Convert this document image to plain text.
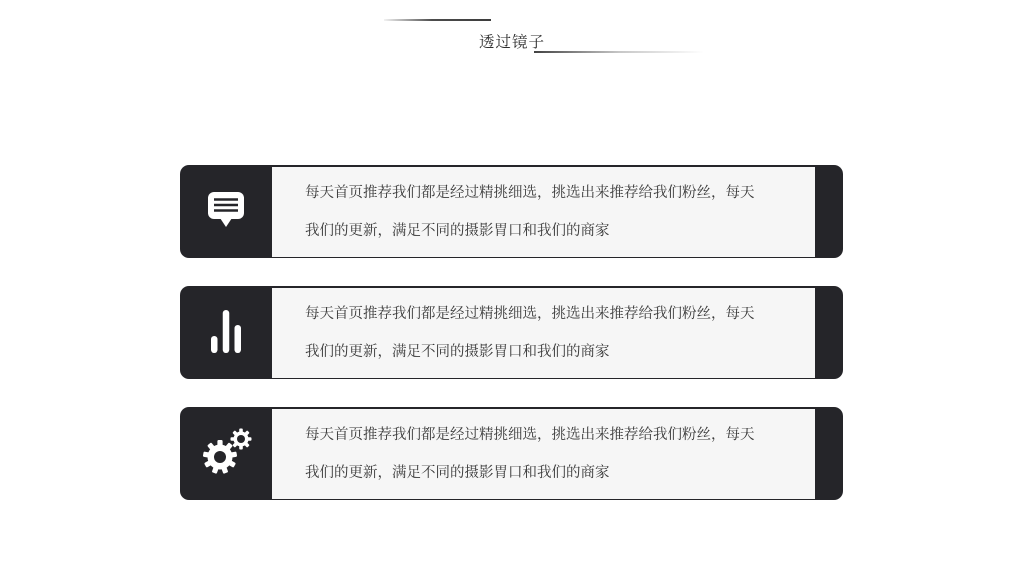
透过镜子
每天首页推荐我们都是经过精挑细选，挑选出来推荐给我们粉丝，每天
我们的更新，满足不同的摄影胃口和我们的商家
每天首页推荐我们都是经过精挑细选，挑选出来推荐给我们粉丝，每天
我们的更新，满足不同的摄影胃口和我们的商家
每天首页推荐我们都是经过精挑细选，挑选出来推荐给我们粉丝，每天
我们的更新，满足不同的摄影胃口和我们的商家
